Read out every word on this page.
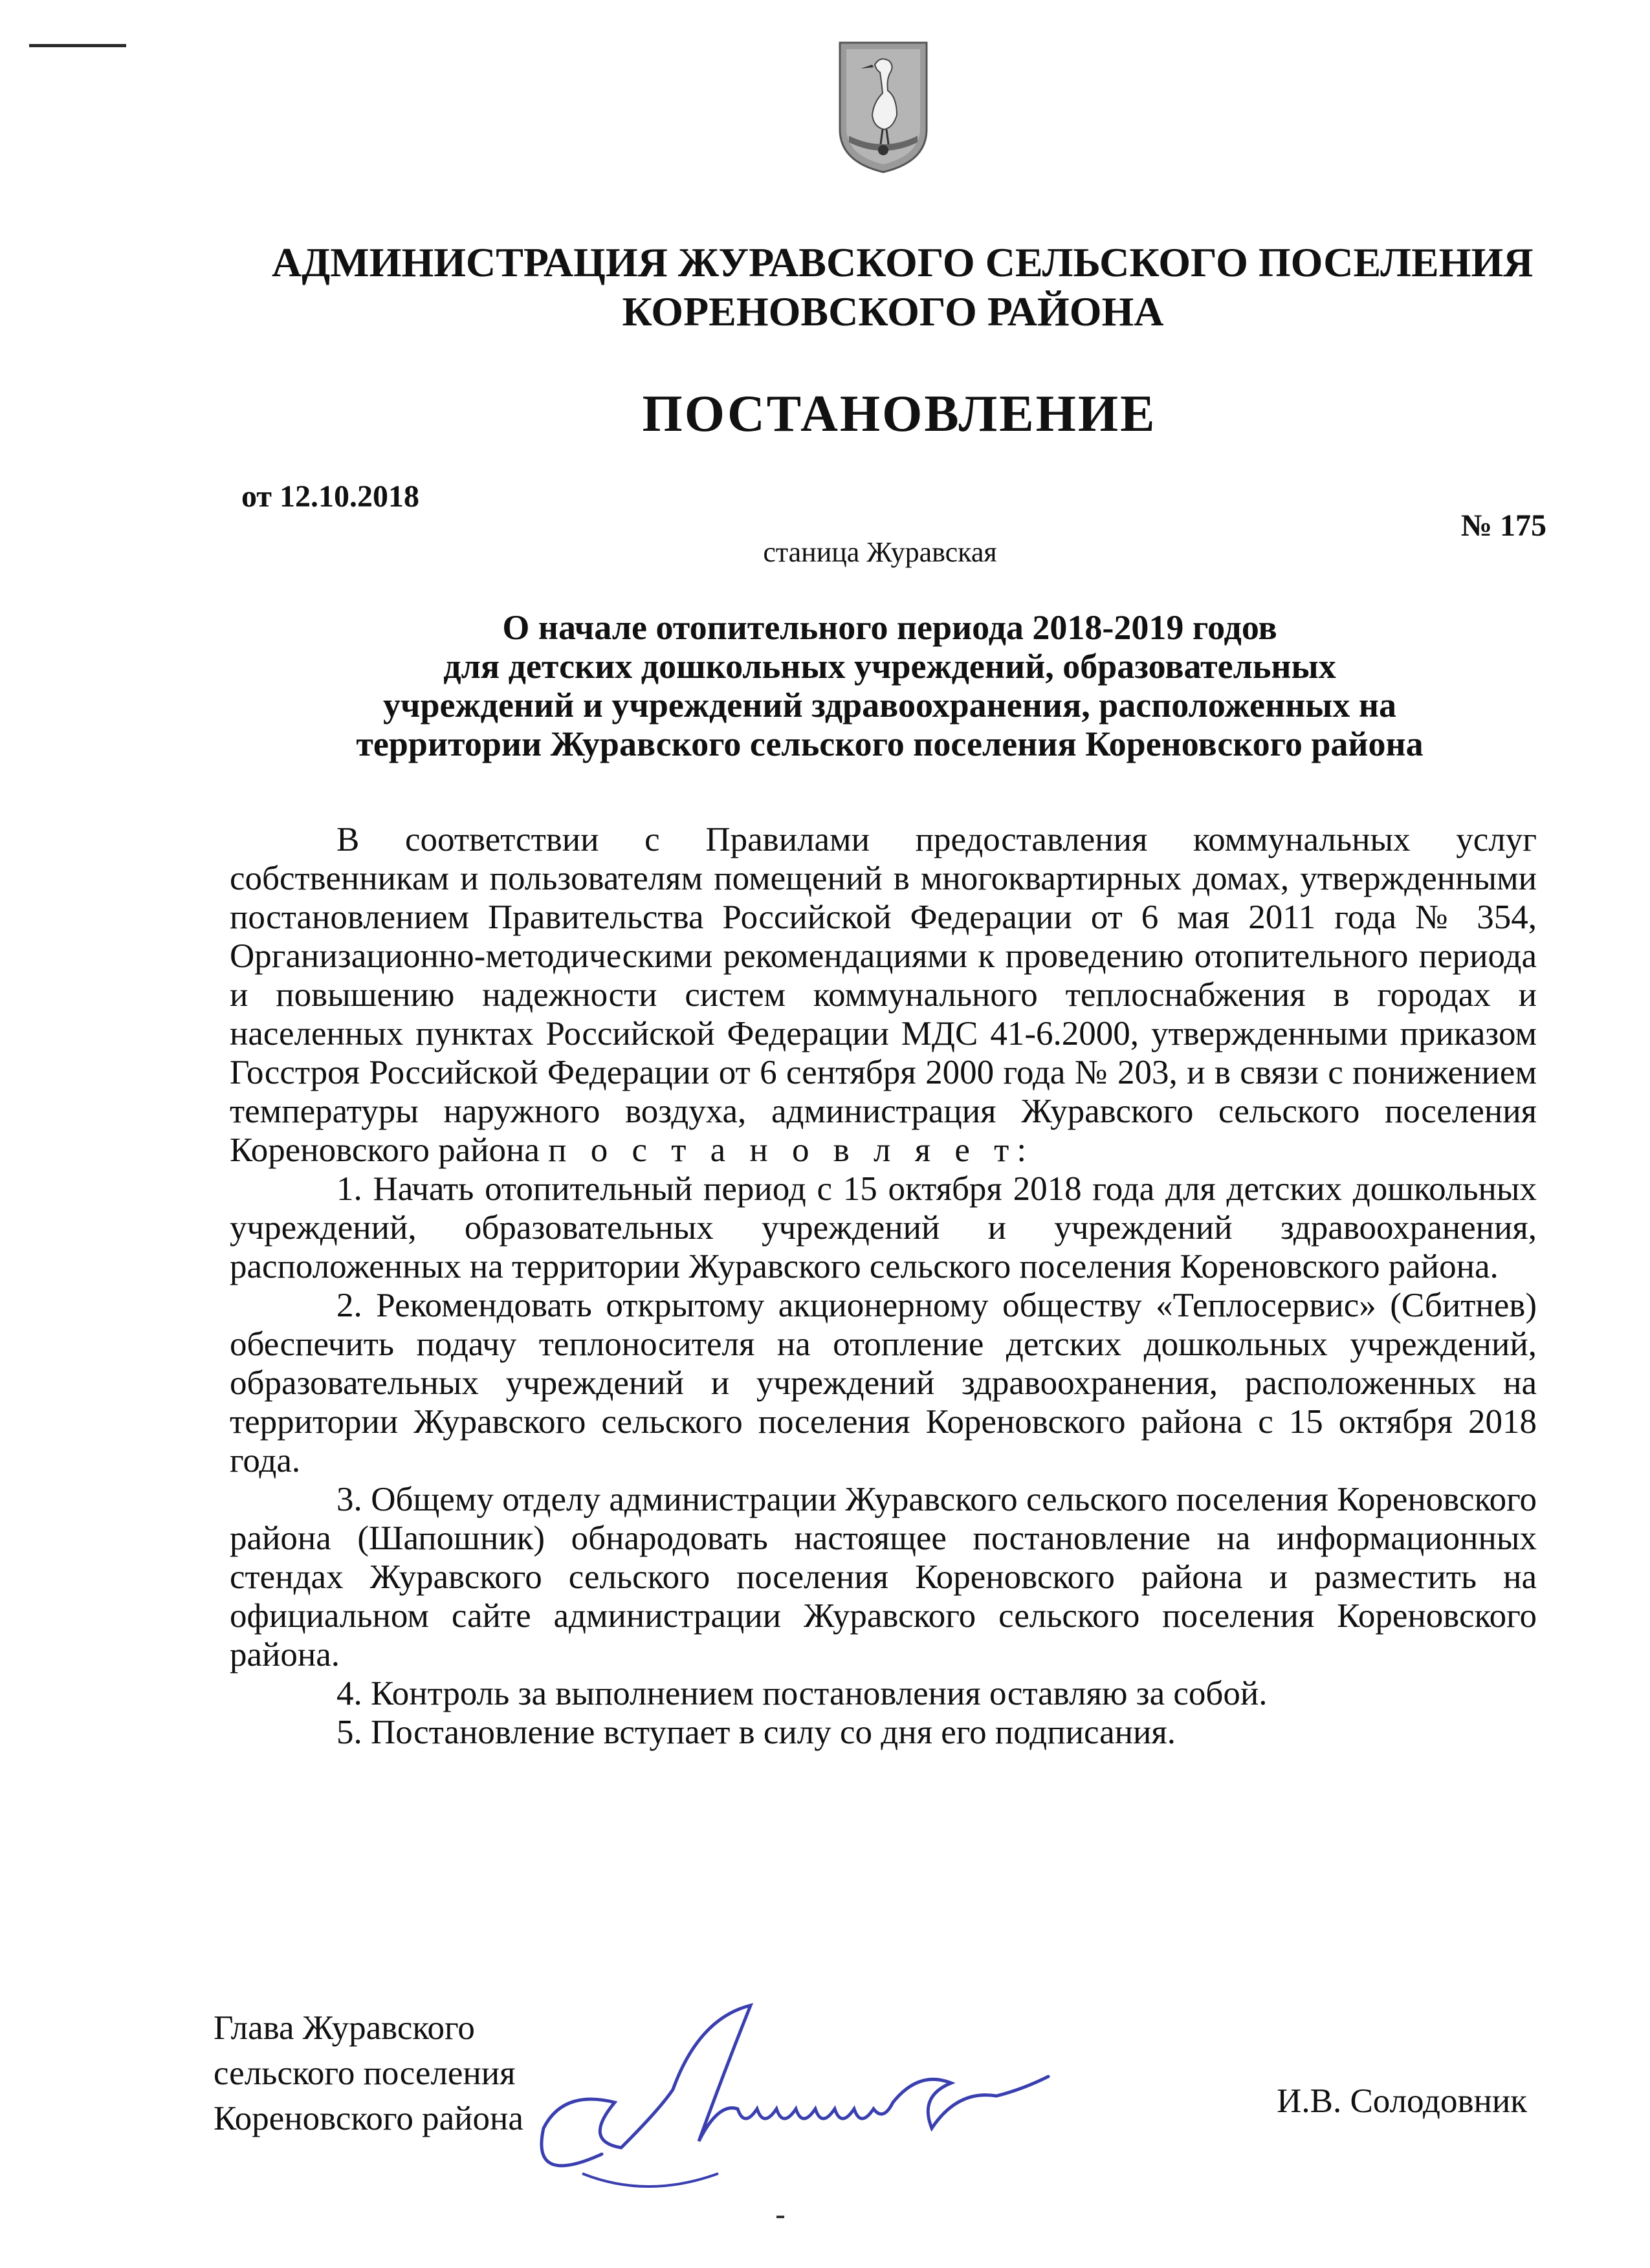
АДМИНИСТРАЦИЯ ЖУРАВСКОГО СЕЛЬСКОГО ПОСЕЛЕНИЯ
КОРЕНОВСКОГО РАЙОНА
ПОСТАНОВЛЕНИЕ
от 12.10.2018
№ 175
станица Журавская
О начале отопительного периода 2018-2019 годов
для детских дошкольных учреждений, образовательных
учреждений и учреждений здравоохранения, расположенных на
территории Журавского сельского поселения Кореновского района

В соответствии с Правилами предоставления коммунальных услуг собственникам и пользователям помещений в многоквартирных домах, утвержденными постановлением Правительства Российской Федерации от 6 мая 2011 года № 354, Организационно-методическими рекомендациями к проведению отопительного периода и повышению надежности систем коммунального теплоснабжения в городах и населенных пунктах Российской Федерации МДС 41-6.2000, утвержденными приказом Госстроя Российской Федерации от 6 сентября 2000 года № 203, и в связи с понижением температуры наружного воздуха, администрация Журавского сельского поселения Кореновского района п о с т а н о в л я е т:

1. Начать отопительный период с 15 октября 2018 года для детских дошкольных учреждений, образовательных учреждений и учреждений здравоохранения, расположенных на территории Журавского сельского поселения Кореновского района.

2. Рекомендовать открытому акционерному обществу «Теплосервис» (Сбитнев) обеспечить подачу теплоносителя на отопление детских дошкольных учреждений, образовательных учреждений и учреждений здравоохранения, расположенных на территории Журавского сельского поселения Кореновского района с 15 октября 2018 года.

3. Общему отделу администрации Журавского сельского поселения Кореновского района (Шапошник) обнародовать настоящее постановление на информационных стендах Журавского сельского поселения Кореновского района и разместить на официальном сайте администрации Журавского сельского поселения Кореновского района.

4. Контроль за выполнением постановления оставляю за собой.

5. Постановление вступает в силу со дня его подписания.

Глава Журавского
сельского поселения
Кореновского района	И.В. Солодовник
